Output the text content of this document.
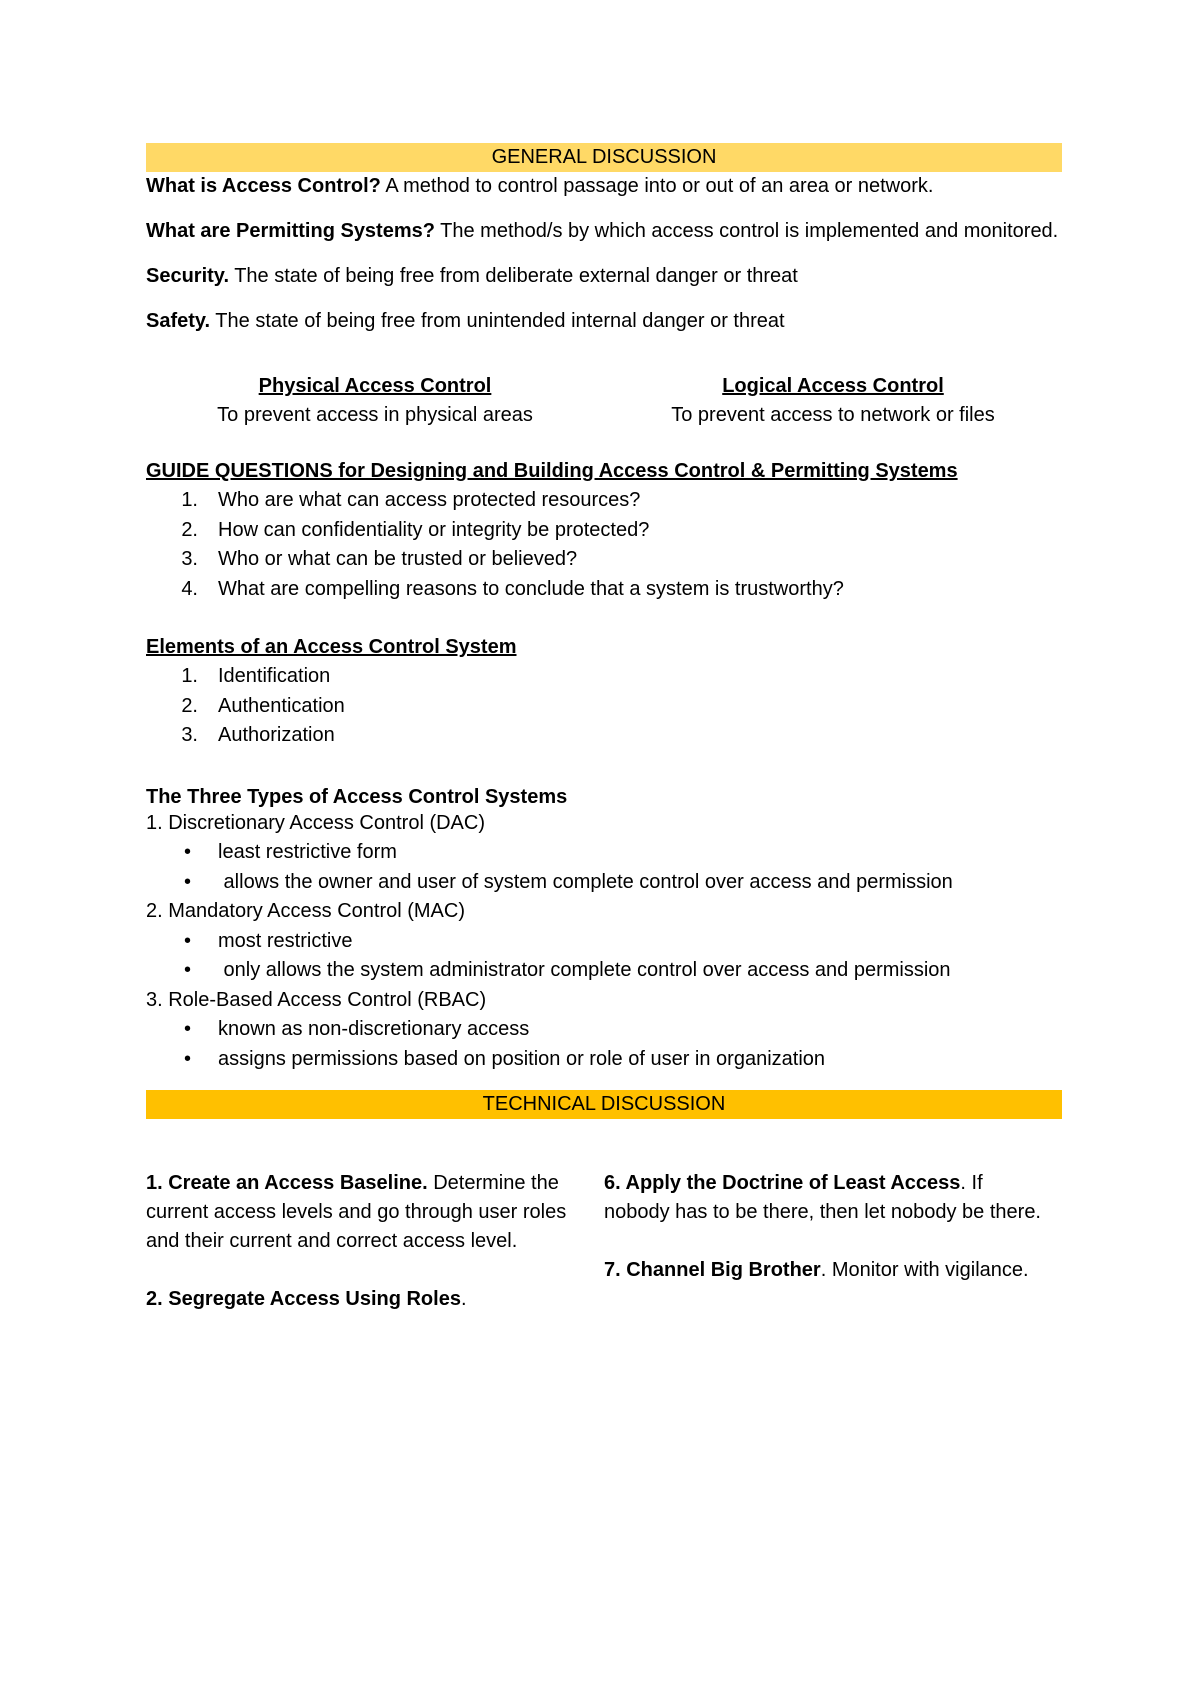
GENERAL DISCUSSION

What is Access Control? A method to control passage into or out of an area or network.

What are Permitting Systems? The method/s by which access control is implemented and monitored.

Security. The state of being free from deliberate external danger or threat

Safety. The state of being free from unintended internal danger or threat

Physical Access Control
To prevent access in physical areas
Logical Access Control
To prevent access to network or files
GUIDE QUESTIONS for Designing and Building Access Control & Permitting Systems
1.	Who are what can access protected resources?
2.	How can confidentiality or integrity be protected?
3.	Who or what can be trusted or believed?
4.	What are compelling reasons to conclude that a system is trustworthy?
Elements of an Access Control System
1.	Identification
2.	Authentication
3.	Authorization
The Three Types of Access Control Systems
1. Discretionary Access Control (DAC)
•	least restrictive form
•	allows the owner and user of system complete control over access and permission
2. Mandatory Access Control (MAC)
•	most restrictive
•	only allows the system administrator complete control over access and permission
3. Role-Based Access Control (RBAC)
•	known as non-discretionary access
•	assigns permissions based on position or role of user in organization
TECHNICAL DISCUSSION

1. Create an Access Baseline. Determine the current access levels and go through user roles and their current and correct access level.

2. Segregate Access Using Roles.

6. Apply the Doctrine of Least Access. If nobody has to be there, then let nobody be there.

7. Channel Big Brother. Monitor with vigilance.
